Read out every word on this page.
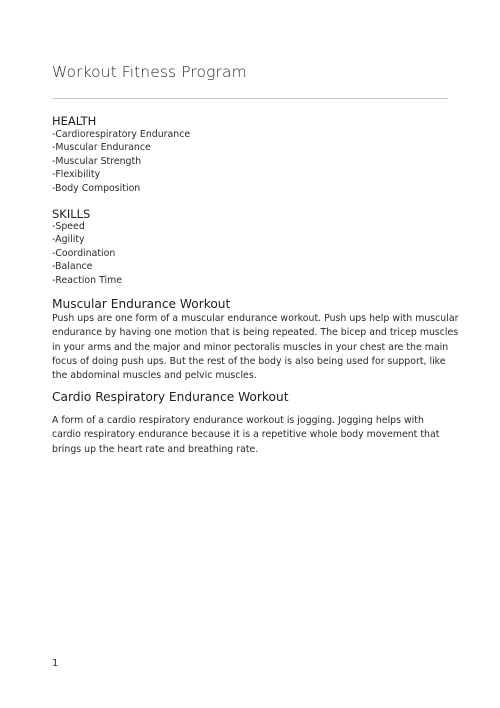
Workout Fitness Program
HEALTH
-Cardiorespiratory Endurance
-Muscular Endurance
-Muscular Strength
-Flexibility
-Body Composition
SKILLS
-Speed
-Agility
-Coordination
-Balance
-Reaction Time
Muscular Endurance Workout
Push ups are one form of a muscular endurance workout. Push ups help with muscular
endurance by having one motion that is being repeated. The bicep and tricep muscles
in your arms and the major and minor pectoralis muscles in your chest are the main
focus of doing push ups. But the rest of the body is also being used for support, like
the abdominal muscles and pelvic muscles.
Cardio Respiratory Endurance Workout
A form of a cardio respiratory endurance workout is jogging. Jogging helps with
cardio respiratory endurance because it is a repetitive whole body movement that
brings up the heart rate and breathing rate.
1
